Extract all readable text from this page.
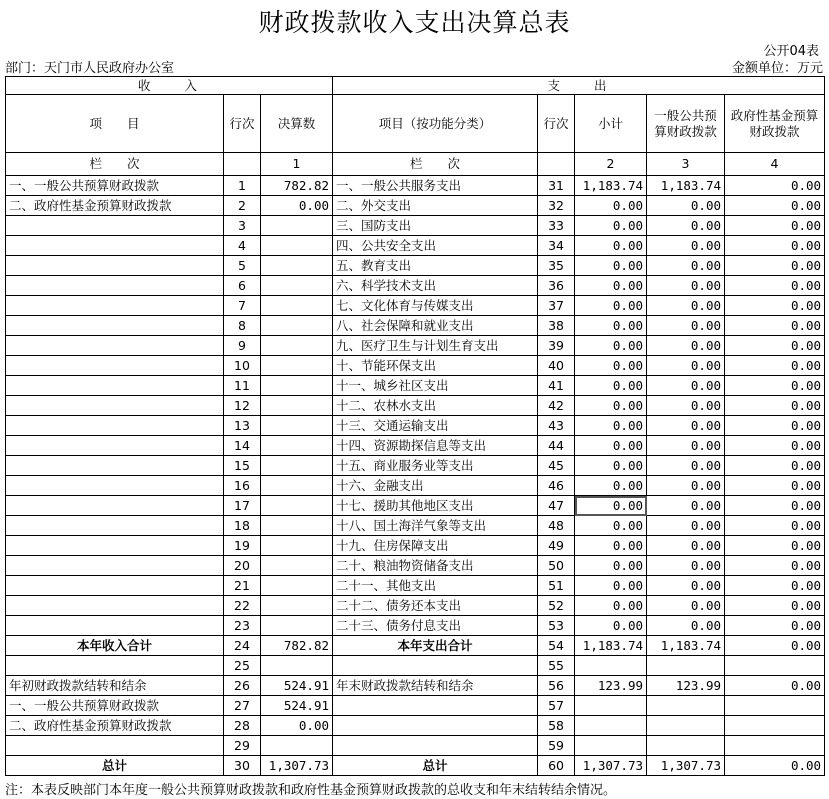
财政拨款收入支出决算总表
公开04表
部门：天门市人民政府办公室	金额单位：万元
收　　入			支　　出				
项　　目	行次	决算数	项目（按功能分类）	行次	小计	一般公共预算财政拨款	政府性基金预算财政拨款
栏　　次		1	栏　　次		2	3	4
一、一般公共预算财政拨款	1	782.82	一、一般公共服务支出	31	1,183.74	1,183.74	0.00
二、政府性基金预算财政拨款	2	0.00	二、外交支出	32	0.00	0.00	0.00
	3		三、国防支出	33	0.00	0.00	0.00
	4		四、公共安全支出	34	0.00	0.00	0.00
	5		五、教育支出	35	0.00	0.00	0.00
	6		六、科学技术支出	36	0.00	0.00	0.00
	7		七、文化体育与传媒支出	37	0.00	0.00	0.00
	8		八、社会保障和就业支出	38	0.00	0.00	0.00
	9		九、医疗卫生与计划生育支出	39	0.00	0.00	0.00
	10		十、节能环保支出	40	0.00	0.00	0.00
	11		十一、城乡社区支出	41	0.00	0.00	0.00
	12		十二、农林水支出	42	0.00	0.00	0.00
	13		十三、交通运输支出	43	0.00	0.00	0.00
	14		十四、资源勘探信息等支出	44	0.00	0.00	0.00
	15		十五、商业服务业等支出	45	0.00	0.00	0.00
	16		十六、金融支出	46	0.00	0.00	0.00
	17		十七、援助其他地区支出	47	0.00	0.00	0.00
	18		十八、国土海洋气象等支出	48	0.00	0.00	0.00
	19		十九、住房保障支出	49	0.00	0.00	0.00
	20		二十、粮油物资储备支出	50	0.00	0.00	0.00
	21		二十一、其他支出	51	0.00	0.00	0.00
	22		二十二、债务还本支出	52	0.00	0.00	0.00
	23		二十三、债务付息支出	53	0.00	0.00	0.00
本年收入合计	24	782.82	本年支出合计	54	1,183.74	1,183.74	0.00
	25			55			
年初财政拨款结转和结余	26	524.91	年末财政拨款结转和结余	56	123.99	123.99	0.00
一、一般公共预算财政拨款	27	524.91		57			
二、政府性基金预算财政拨款	28	0.00		58			
	29			59			
总计	30	1,307.73	总计	60	1,307.73	1,307.73	0.00
注：本表反映部门本年度一般公共预算财政拨款和政府性基金预算财政拨款的总收支和年末结转结余情况。
